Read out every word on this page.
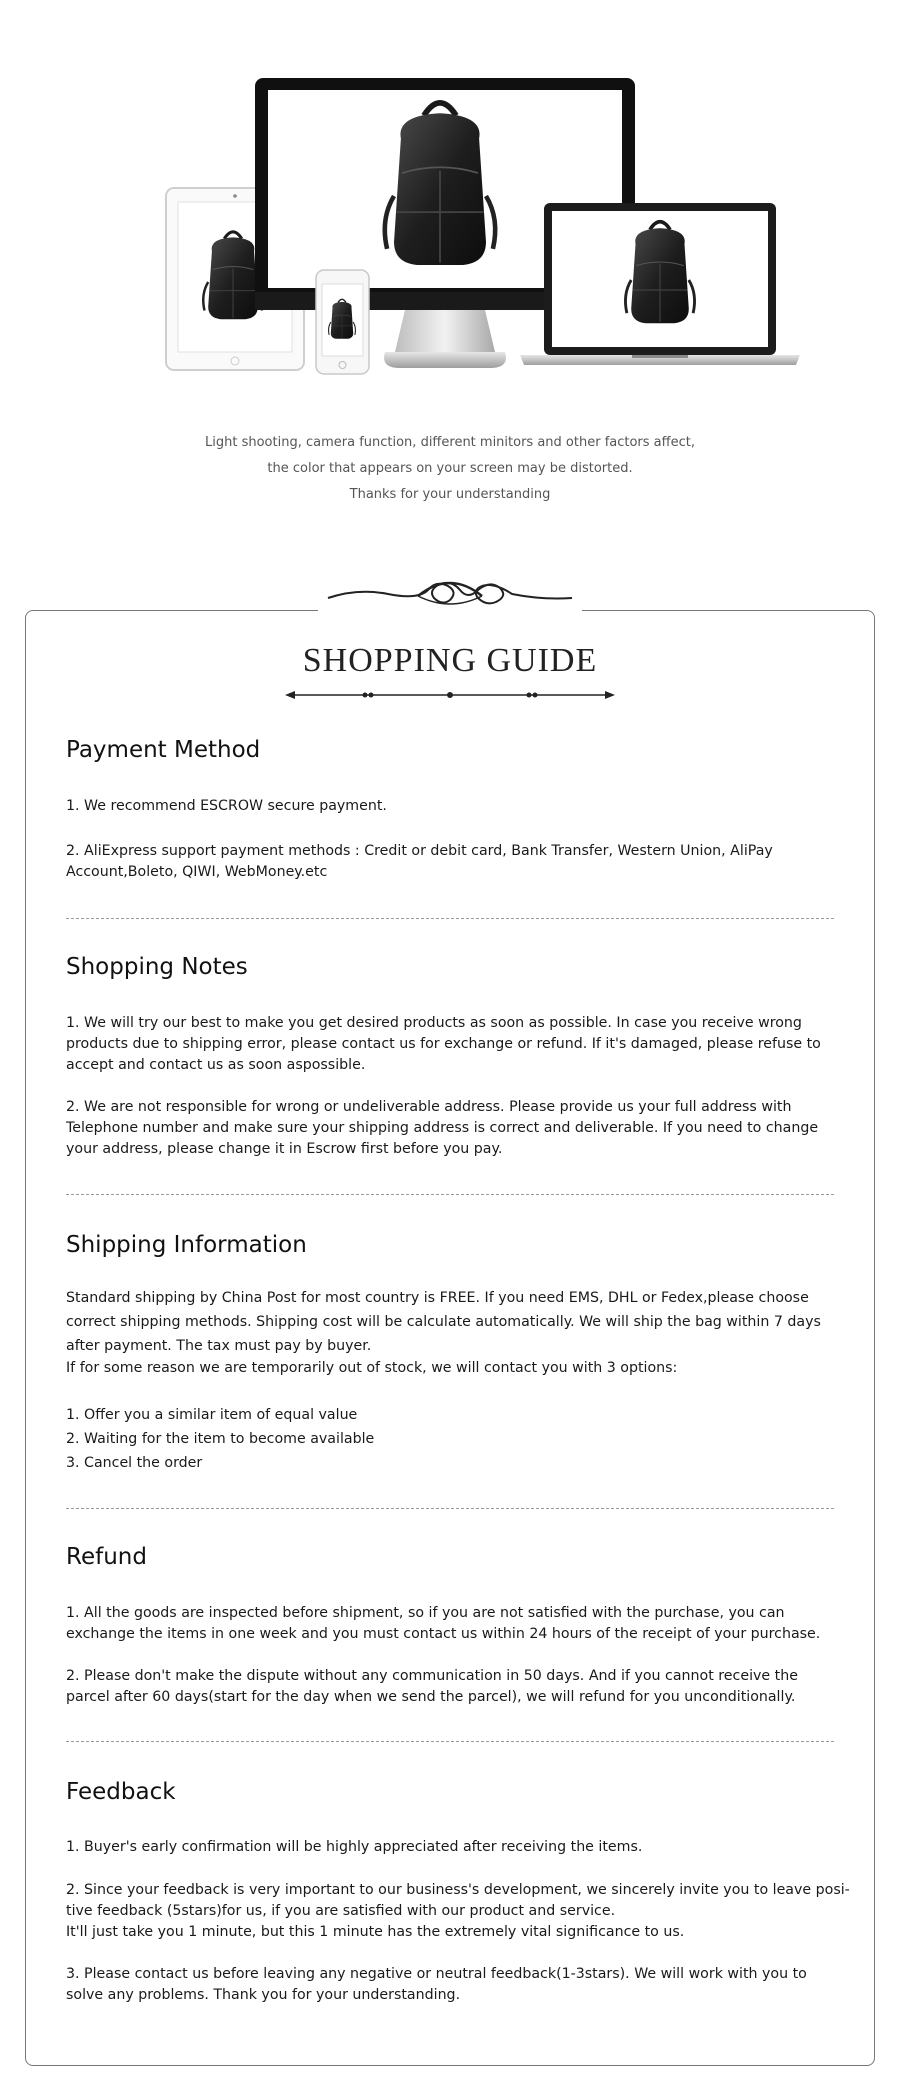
Light shooting, camera function, different minitors and other factors affect,
the color that appears on your screen may be distorted.
Thanks for your understanding
SHOPPING GUIDE
Payment Method

1. We recommend ESCROW secure payment.

2. AliExpress support payment methods : Credit or debit card, Bank Transfer, Western Union, AliPay Account,Boleto, QIWI, WebMoney.etc

Shopping Notes

1. We will try our best to make you get desired products as soon as possible. In case you receive wrong products due to shipping error, please contact us for exchange or refund. If it's damaged, please refuse to accept and contact us as soon aspossible.

2. We are not responsible for wrong or undeliverable address. Please provide us your full address with Telephone number and make sure your shipping address is correct and deliverable. If you need to change your address, please change it in Escrow first before you pay.

Shipping Information

Standard shipping by China Post for most country is FREE. If you need EMS, DHL or Fedex,please choose correct shipping methods. Shipping cost will be calculate automatically. We will ship the bag within 7 days after payment. The tax must pay by buyer.

If for some reason we are temporarily out of stock, we will contact you with 3 options:

1. Offer you a similar item of equal value

2. Waiting for the item to become available

3. Cancel the order

Refund

1. All the goods are inspected before shipment, so if you are not satisfied with the purchase, you can exchange the items in one week and you must contact us within 24 hours of the receipt of your purchase.

2. Please don't make the dispute without any communication in 50 days. And if you cannot receive the parcel after 60 days(start for the day when we send the parcel), we will refund for you unconditionally.

Feedback

1. Buyer's early confirmation will be highly appreciated after receiving the items.

2. Since your feedback is very important to our business's development, we sincerely invite you to leave posi-

tive feedback (5stars)for us, if you are satisfied with our product and service.

It'll just take you 1 minute, but this 1 minute has the extremely vital significance to us.

3. Please contact us before leaving any negative or neutral feedback(1-3stars). We will work with you to solve any problems. Thank you for your understanding.
